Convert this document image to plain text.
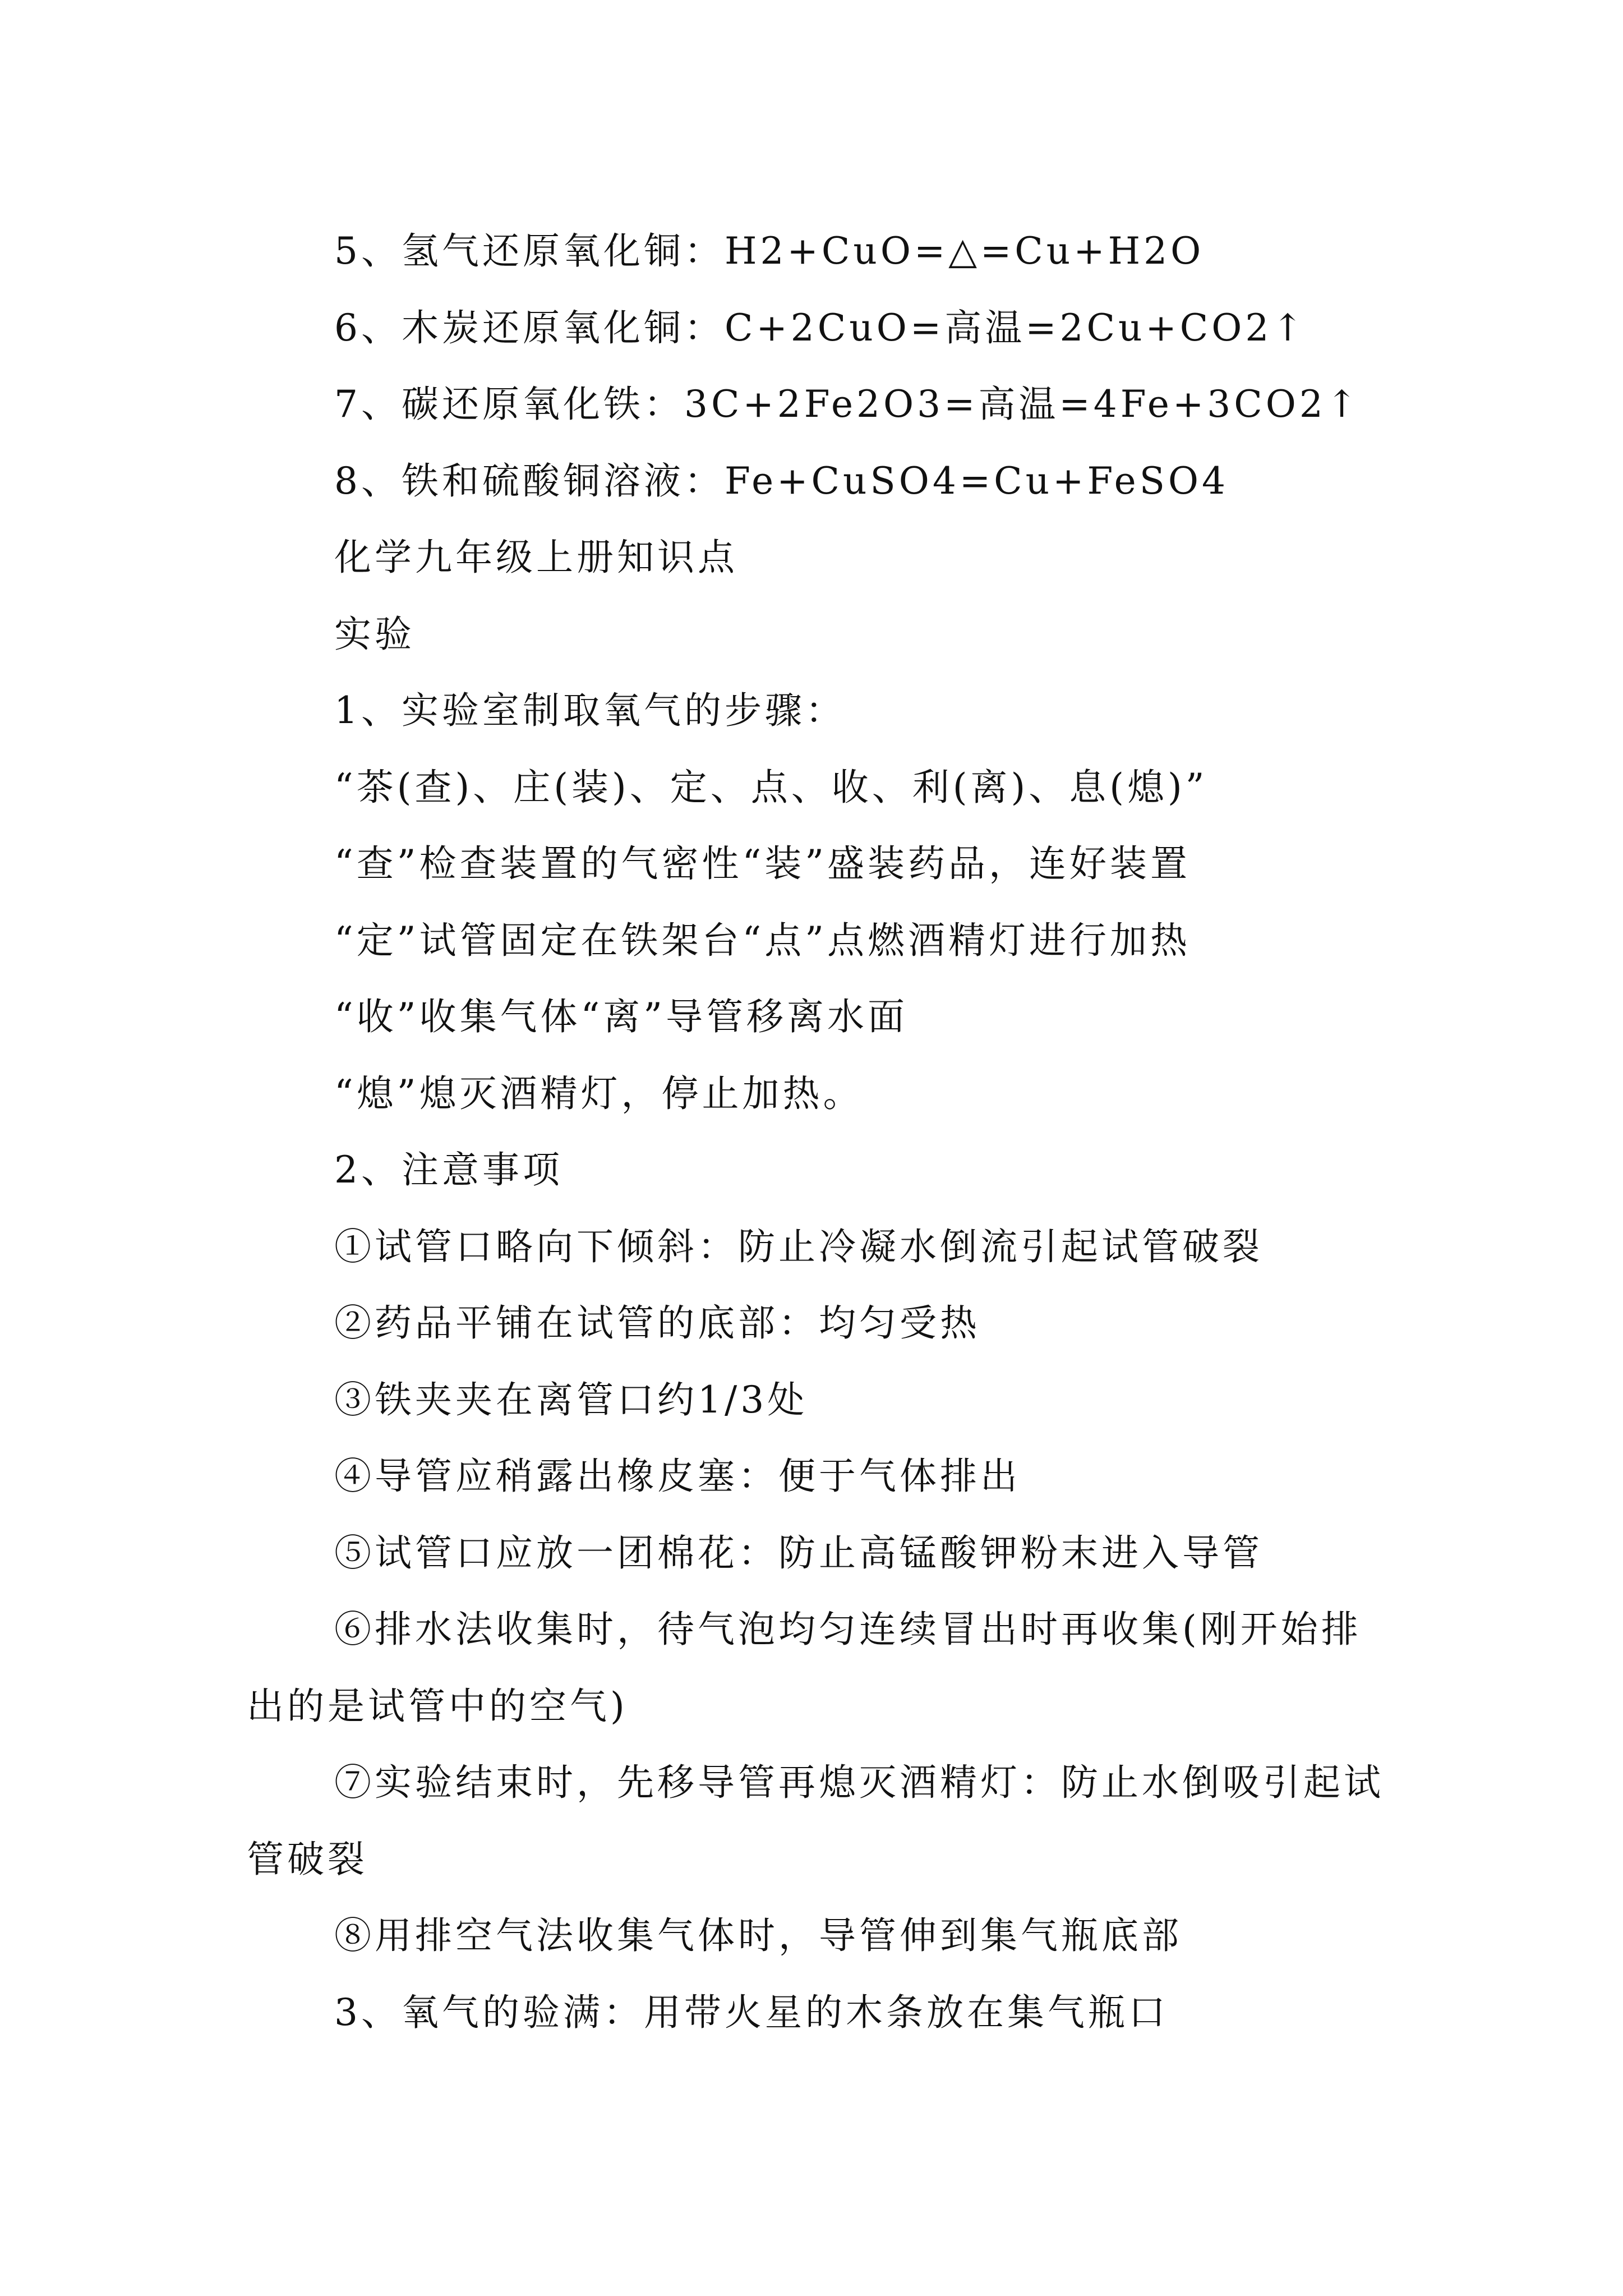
5、氢气还原氧化铜：H2+CuO=△=Cu+H2O
6、木炭还原氧化铜：C+2CuO=高温=2Cu+CO2↑
7、碳还原氧化铁：3C+2Fe2O3=高温=4Fe+3CO2↑
8、铁和硫酸铜溶液：Fe+CuSO4=Cu+FeSO4
化学九年级上册知识点
实验
1、实验室制取氧气的步骤：
“茶(查)、庄(装)、定、点、收、利(离)、息(熄)”
“查”检查装置的气密性“装”盛装药品，连好装置
“定”试管固定在铁架台“点”点燃酒精灯进行加热
“收”收集气体“离”导管移离水面
“熄”熄灭酒精灯，停止加热。
2、注意事项
①试管口略向下倾斜：防止冷凝水倒流引起试管破裂
②药品平铺在试管的底部：均匀受热
③铁夹夹在离管口约1/3处
④导管应稍露出橡皮塞：便于气体排出
⑤试管口应放一团棉花：防止高锰酸钾粉末进入导管
⑥排水法收集时，待气泡均匀连续冒出时再收集(刚开始排出的是试管中的空气)
⑦实验结束时，先移导管再熄灭酒精灯：防止水倒吸引起试管破裂
⑧用排空气法收集气体时，导管伸到集气瓶底部
3、氧气的验满：用带火星的木条放在集气瓶口
